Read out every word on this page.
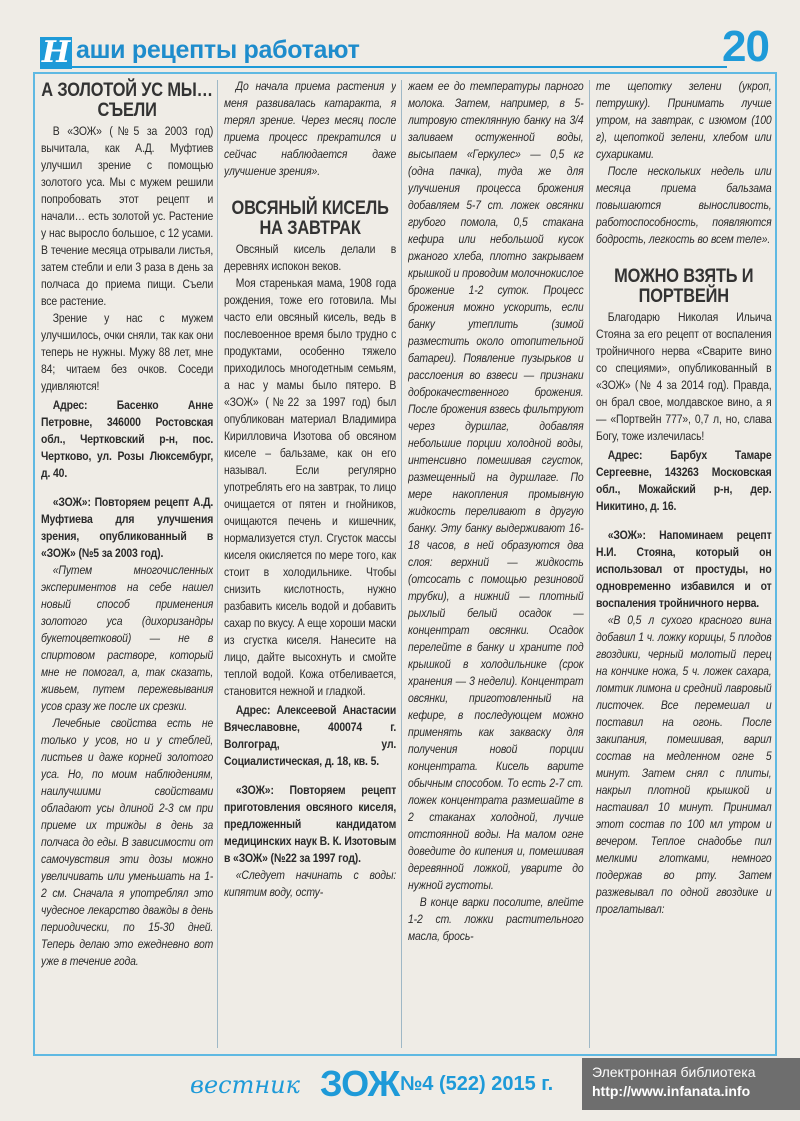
Н аши рецепты работают	20
А ЗОЛОТОЙ УС МЫ… СЪЕЛИ

В «ЗОЖ» (№5 за 2003 год) вычитала, как А.Д. Муфтиев улучшил зрение с помощью золотого уса. Мы с мужем решили попробовать этот рецепт и начали… есть золотой ус. Растение у нас выросло большое, с 12 усами. В течение месяца отрывали листья, затем стебли и ели 3 раза в день за полчаса до приема пищи. Съели все растение.

Зрение у нас с мужем улучшилось, очки сняли, так как они теперь не нужны. Мужу 88 лет, мне 84; читаем без очков. Соседи удивляются!

Адрес: Басенко Анне Петровне, 346000 Ростовская обл., Чертковский р-н, пос. Чертково, ул. Розы Люксембург, д. 40.

«ЗОЖ»: Повторяем рецепт А.Д. Муфтиева для улучшения зрения, опубликованный в «ЗОЖ» (№5 за 2003 год).

«Путем многочисленных экспериментов на себе нашел новый способ применения золотого уса (дихоризандры букетоцветковой) — не в спиртовом растворе, который мне не помогал, а, так сказать, живьем, путем пережевывания усов сразу же после их срезки.

Лечебные свойства есть не только у усов, но и у стеблей, листьев и даже корней золотого уса. Но, по моим наблюдениям, наилучшими свойствами обладают усы длиной 2-3 см при приеме их трижды в день за полчаса до еды. В зависимости от самочувствия эти дозы можно увеличивать или уменьшать на 1-2 см. Сначала я употреблял это чудесное лекарство дважды в день периодически, по 15-30 дней. Теперь делаю это ежедневно вот уже в течение года.

До начала приема растения у меня развивалась катаракта, я терял зрение. Через месяц после приема процесс прекратился и сейчас наблюдается даже улучшение зрения».

ОВСЯНЫЙ КИСЕЛЬ НА ЗАВТРАК

Овсяный кисель делали в деревнях испокон веков.

Моя старенькая мама, 1908 года рождения, тоже его готовила. Мы часто ели овсяный кисель, ведь в послевоенное время было трудно с продуктами, особенно тяжело приходилось многодетным семьям, а нас у мамы было пятеро. В «ЗОЖ» (№22 за 1997 год) был опубликован материал Владимира Кирилловича Изотова об овсяном киселе – бальзаме, как он его называл. Если регулярно употреблять его на завтрак, то лицо очищается от пятен и гнойников, очищаются печень и кишечник, нормализуется стул. Сгусток массы киселя окисляется по мере того, как стоит в холодильнике. Чтобы снизить кислотность, нужно разбавить кисель водой и добавить сахар по вкусу. А еще хороши маски из сгустка киселя. Нанесите на лицо, дайте высохнуть и смойте теплой водой. Кожа отбеливается, становится нежной и гладкой.

Адрес: Алексеевой Анастасии Вячеславовне, 400074 г. Волгоград, ул. Социалистическая, д. 18, кв. 5.

«ЗОЖ»: Повторяем рецепт приготовления овсяного киселя, предложенный кандидатом медицинских наук В. К. Изотовым в «ЗОЖ» (№22 за 1997 год).

«Следует начинать с воды: кипятим воду, осту-

жаем ее до температуры парного молока. Затем, например, в 5-литровую стеклянную банку на 3/4 заливаем остуженной воды, высыпаем «Геркулес» — 0,5 кг (одна пачка), туда же для улучшения процесса брожения добавляем 5-7 ст. ложек овсянки грубого помола, 0,5 стакана кефира или небольшой кусок ржаного хлеба, плотно закрываем крышкой и проводим молочнокислое брожение 1-2 суток. Процесс брожения можно ускорить, если банку утеплить (зимой разместить около отопительной батареи). Появление пузырьков и расслоения во взвеси — признаки доброкачественного брожения. После брожения взвесь фильтруют через дуршлаг, добавляя небольшие порции холодной воды, интенсивно помешивая сгусток, размещенный на дуршлаге. По мере накопления промывную жидкость переливают в другую банку. Эту банку выдерживают 16-18 часов, в ней образуются два слоя: верхний — жидкость (отсосать с помощью резиновой трубки), а нижний — плотный рыхлый белый осадок — концентрат овсянки. Осадок перелейте в банку и храните под крышкой в холодильнике (срок хранения — 3 недели). Концентрат овсянки, приготовленный на кефире, в последующем можно применять как закваску для получения новой порции концентрата. Кисель варите обычным способом. То есть 2-7 ст. ложек концентрата размешайте в 2 стаканах холодной, лучше отстоянной воды. На малом огне доведите до кипения и, помешивая деревянной ложкой, уварите до нужной густоты.

В конце варки посолите, влейте 1-2 ст. ложки растительного масла, брось-

те щепотку зелени (укроп, петрушку). Принимать лучше утром, на завтрак, с изюмом (100 г), щепоткой зелени, хлебом или сухариками.

После нескольких недель или месяца приема бальзама повышаются выносливость, работоспособность, появляются бодрость, легкость во всем теле».

МОЖНО ВЗЯТЬ И ПОРТВЕЙН

Благодарю Николая Ильича Стояна за его рецепт от воспаления тройничного нерва «Сварите вино со специями», опубликованный в «ЗОЖ» (№ 4 за 2014 год). Правда, он брал свое, молдавское вино, а я — «Портвейн 777», 0,7 л, но, слава Богу, тоже излечилась!

Адрес: Барбух Тамаре Сергеевне, 143263 Московская обл., Можайский р-н, дер. Никитино, д. 16.

«ЗОЖ»: Напоминаем рецепт Н.И. Стояна, который он использовал от простуды, но одновременно избавился и от воспаления тройничного нерва.

«В 0,5 л сухого красного вина добавил 1 ч. ложку корицы, 5 плодов гвоздики, черный молотый перец на кончике ножа, 5 ч. ложек сахара, ломтик лимона и средний лавровый листочек. Все перемешал и поставил на огонь. После закипания, помешивая, варил состав на медленном огне 5 минут. Затем снял с плиты, накрыл плотной крышкой и настаивал 10 минут. Принимал этот состав по 100 мл утром и вечером. Теплое снадобье пил мелкими глотками, немного подержав во рту. Затем разжевывал по одной гвоздике и проглатывал:

вестник ЗОЖ №4 (522) 2015 г.
Электронная библиотека
http://www.infanata.info
